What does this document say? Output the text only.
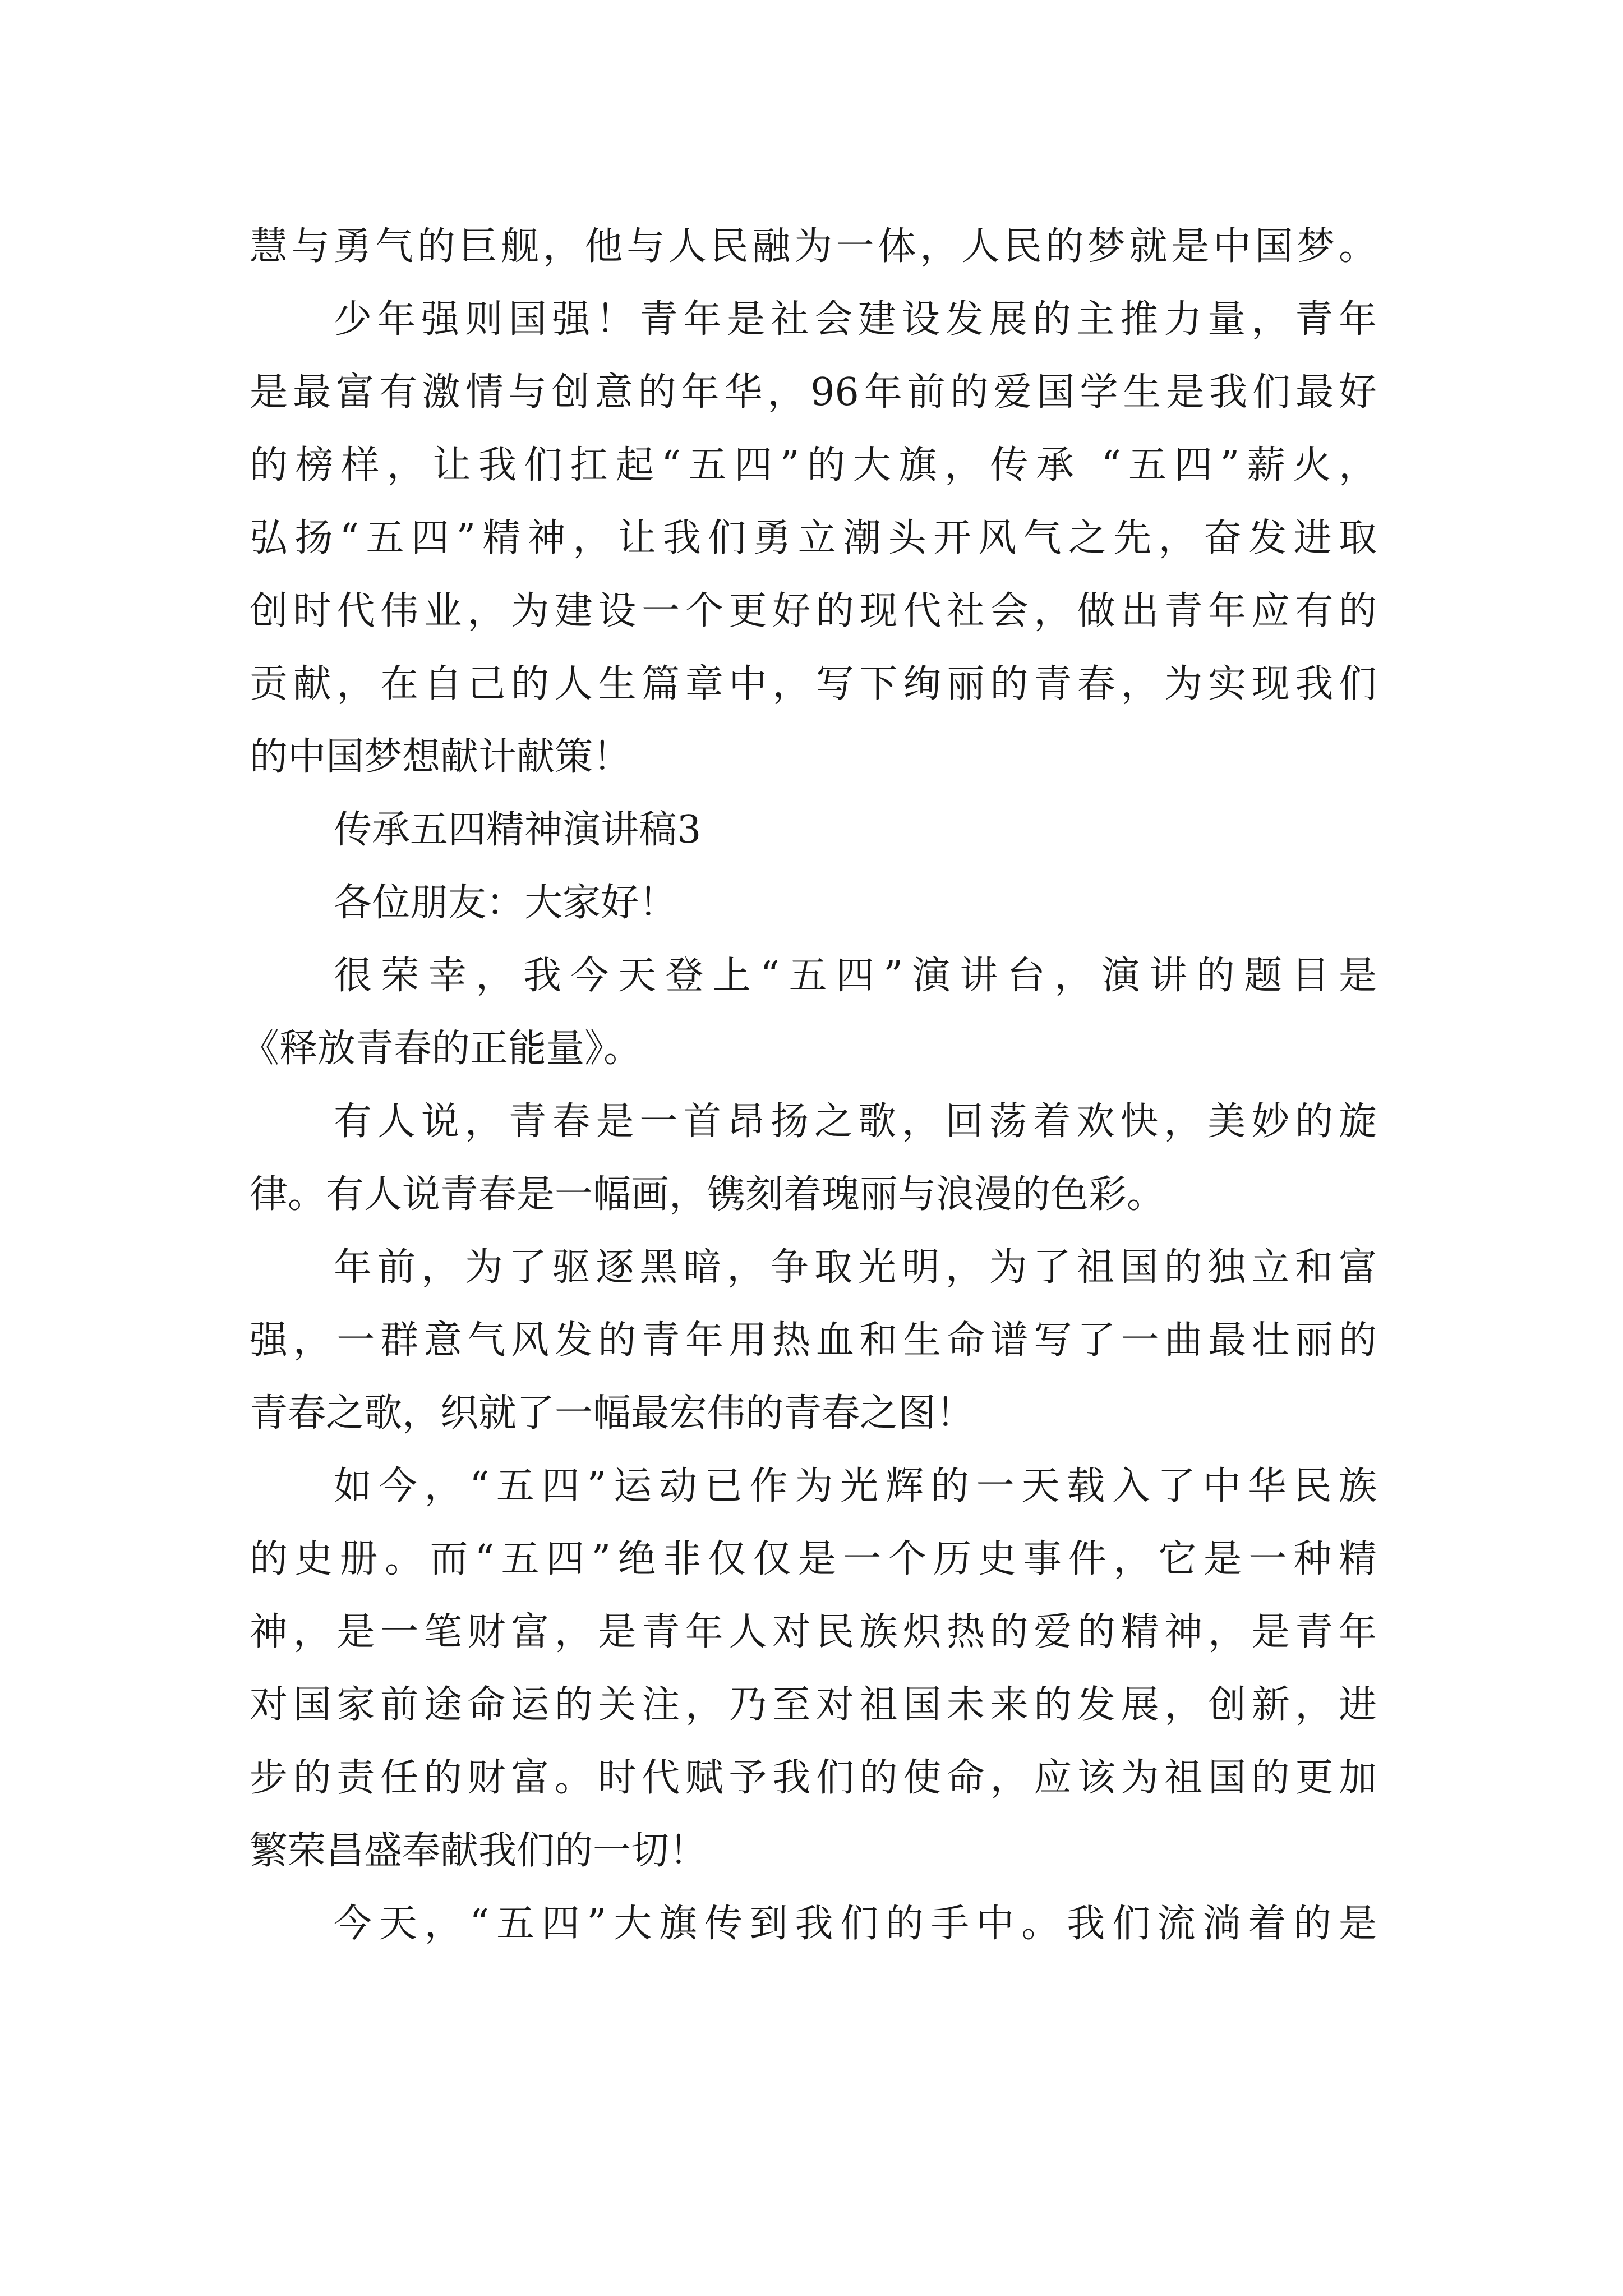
慧与勇气的巨舰，他与人民融为一体，人民的梦就是中国梦。
少年强则国强！青年是社会建设发展的主推力量，青年
是最富有激情与创意的年华，96年前的爱国学生是我们最好
的榜样，让我们扛起“五四”的大旗，传承 “五四”薪火，
弘扬“五四”精神，让我们勇立潮头开风气之先，奋发进取
创时代伟业，为建设一个更好的现代社会，做出青年应有的
贡献，在自己的人生篇章中，写下绚丽的青春，为实现我们
的中国梦想献计献策！
传承五四精神演讲稿3
各位朋友：大家好！
很荣幸，我今天登上“五四”演讲台，演讲的题目是
《释放青春的正能量》。
有人说，青春是一首昂扬之歌，回荡着欢快，美妙的旋
律。有人说青春是一幅画，镌刻着瑰丽与浪漫的色彩。
年前，为了驱逐黑暗，争取光明，为了祖国的独立和富
强，一群意气风发的青年用热血和生命谱写了一曲最壮丽的
青春之歌，织就了一幅最宏伟的青春之图！
如今，“五四”运动已作为光辉的一天载入了中华民族
的史册。而“五四”绝非仅仅是一个历史事件，它是一种精
神，是一笔财富，是青年人对民族炽热的爱的精神，是青年
对国家前途命运的关注，乃至对祖国未来的发展，创新，进
步的责任的财富。时代赋予我们的使命，应该为祖国的更加
繁荣昌盛奉献我们的一切！
今天，“五四”大旗传到我们的手中。我们流淌着的是
